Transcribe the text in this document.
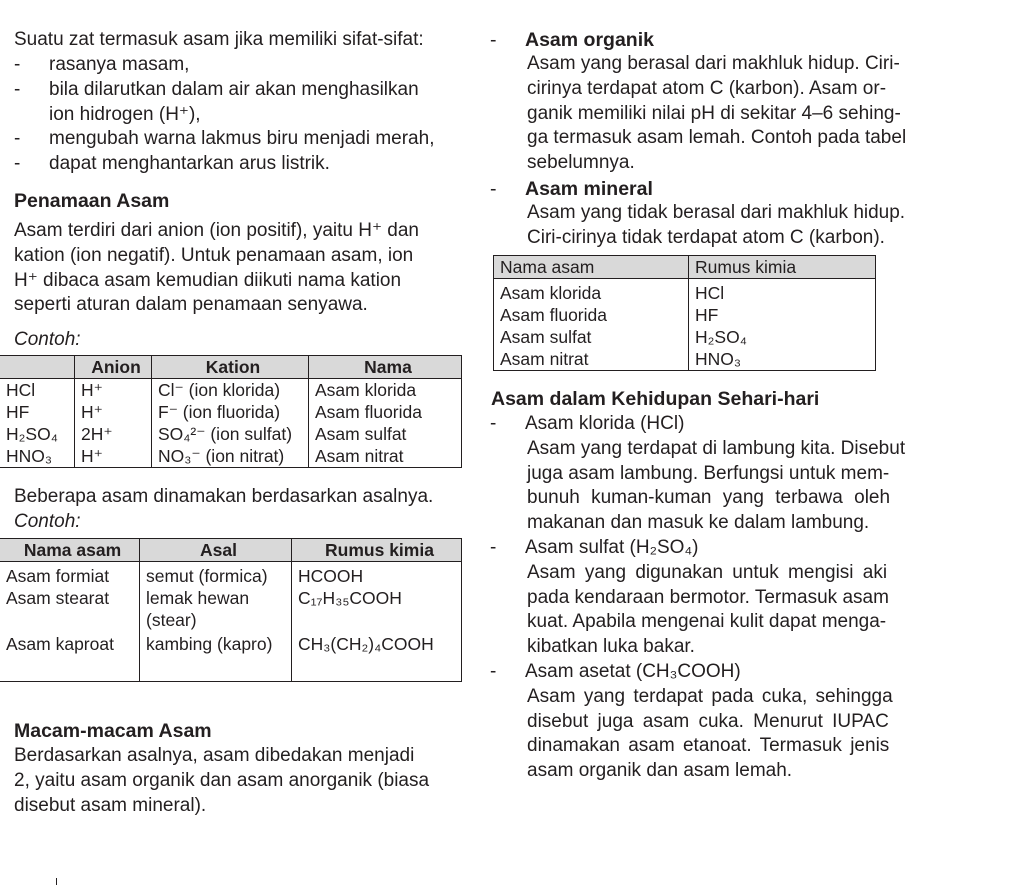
Suatu zat termasuk asam jika memiliki sifat-sifat:

- rasanya masam,
- bila dilarutkan dalam air akan menghasilkan
ion hidrogen (H⁺),
- mengubah warna lakmus biru menjadi merah,
- dapat menghantarkan arus listrik.
Penamaan Asam
Asam terdiri dari anion (ion positif), yaitu H⁺ dan
kation (ion negatif). Untuk penamaan asam, ion
H⁺ dibaca asam kemudian diikuti nama kation
seperti aturan dalam penamaan senyawa.
Contoh:
	Anion	Kation	Nama
HCl	H⁺	Cl⁻ (ion klorida)	Asam klorida
HF	H⁺	F⁻ (ion fluorida)	Asam fluorida
H₂SO₄	2H⁺	SO₄²⁻ (ion sulfat)	Asam sulfat
HNO₃	H⁺	NO₃⁻ (ion nitrat)	Asam nitrat

Beberapa asam dinamakan berdasarkan asalnya.

Contoh:
Nama asam	Asal	Rumus kimia
Asam formiat	semut (formica)	HCOOH
Asam stearat	lemak hewan (stear)	C₁₇H₃₅COOH
Asam kaproat	kambing (kapro)	CH₃(CH₂)₄COOH
Macam-macam Asam
Berdasarkan asalnya, asam dibedakan menjadi
2, yaitu asam organik dan asam anorganik (biasa
disebut asam mineral).
- Asam organik
Asam yang berasal dari makhluk hidup. Ciri-
cirinya terdapat atom C (karbon). Asam or-
ganik memiliki nilai pH di sekitar 4–6 sehing-
ga termasuk asam lemah. Contoh pada tabel
sebelumnya.
- Asam mineral
Asam yang tidak berasal dari makhluk hidup.
Ciri-cirinya tidak terdapat atom C (karbon).
Nama asam	Rumus kimia
Asam klorida	HCl
Asam fluorida	HF
Asam sulfat	H₂SO₄
Asam nitrat	HNO₃
Asam dalam Kehidupan Sehari-hari
- Asam klorida (HCl)
Asam yang terdapat di lambung kita. Disebut
juga asam lambung. Berfungsi untuk mem-
bunuh kuman-kuman yang terbawa oleh
makanan dan masuk ke dalam lambung.
- Asam sulfat (H₂SO₄)
Asam yang digunakan untuk mengisi aki
pada kendaraan bermotor. Termasuk asam
kuat. Apabila mengenai kulit dapat menga-
kibatkan luka bakar.
- Asam asetat (CH₃COOH)
Asam yang terdapat pada cuka, sehingga
disebut juga asam cuka. Menurut IUPAC
dinamakan asam etanoat. Termasuk jenis
asam organik dan asam lemah.
